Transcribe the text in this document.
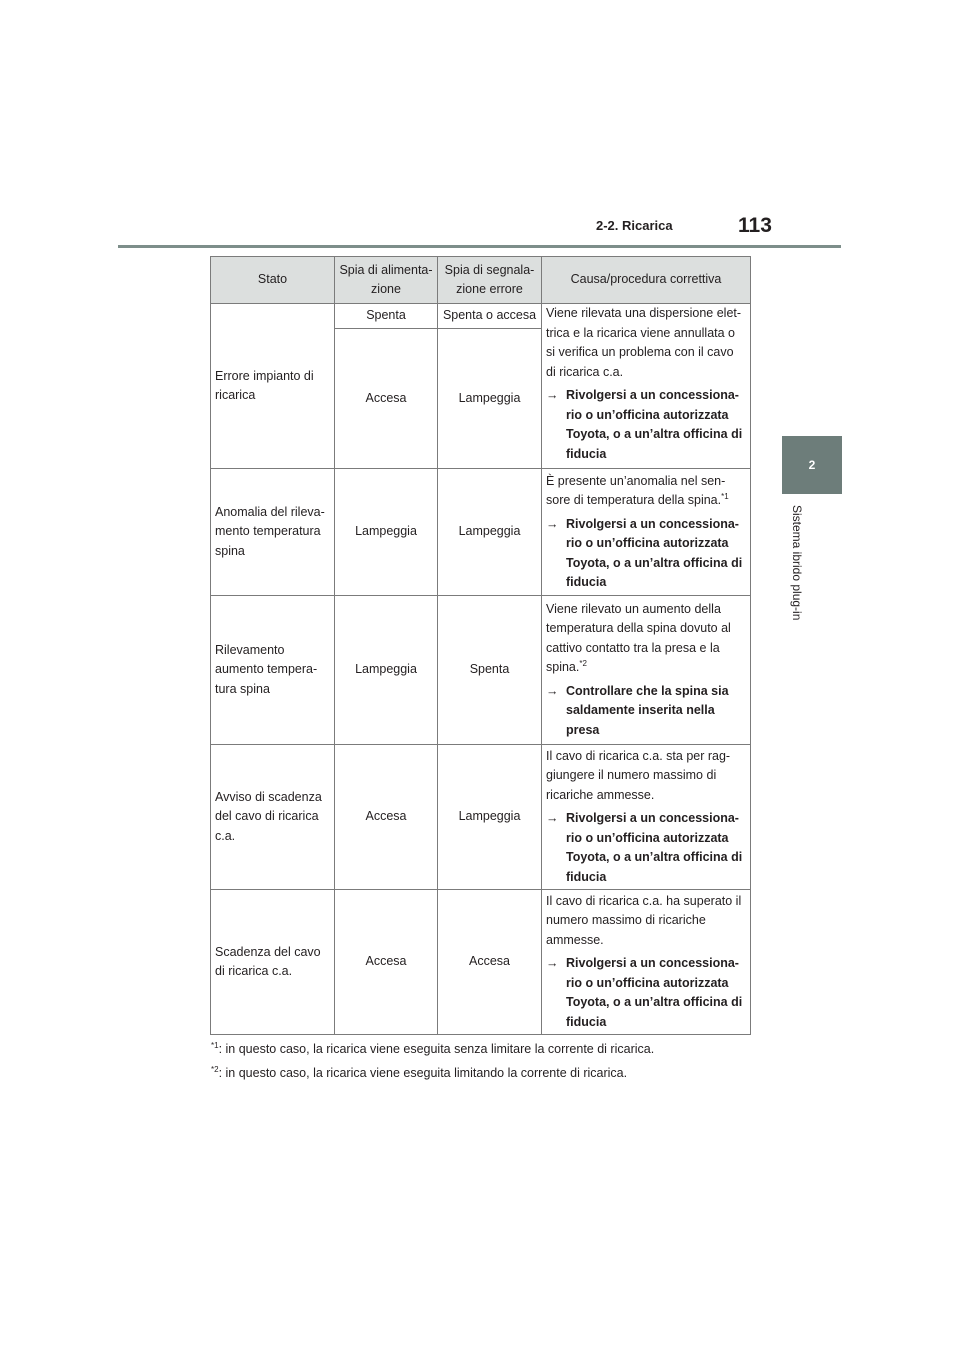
2-2. Ricarica	113
2
Sistema ibrido plug-in
Stato	Spia di alimenta-zione	Spia di segnala-zione errore	Causa/procedura correttiva
Errore impianto di ricarica	Spenta	Spenta o accesa	Viene rilevata una dispersione elet-trica e la ricarica viene annullata o si verifica un problema con il cavo di ricarica c.a.
→ Rivolgersi a un concessiona-rio o un’officina autorizzata Toyota, o a un’altra officina di fiducia

	Accesa	Lampeggia	
Anomalia del rileva-mento temperatura spina	Lampeggia	Lampeggia	È presente un’anomalia nel sen-sore di temperatura della spina.$^{*1}$
→ Rivolgersi a un concessiona-rio o un’officina autorizzata Toyota, o a un’altra officina di fiducia

Rilevamento aumento tempera-tura spina	Lampeggia	Spenta	Viene rilevato un aumento della temperatura della spina dovuto al cattivo contatto tra la presa e la spina.$^{*2}$
→ Controllare che la spina sia saldamente inserita nella presa

Avviso di scadenza del cavo di ricarica c.a.	Accesa	Lampeggia	Il cavo di ricarica c.a. sta per rag-giungere il numero massimo di ricariche ammesse.
→ Rivolgersi a un concessiona-rio o un’officina autorizzata Toyota, o a un’altra officina di fiducia

Scadenza del cavo di ricarica c.a.	Accesa	Accesa	Il cavo di ricarica c.a. ha superato il numero massimo di ricariche ammesse.
→ Rivolgersi a un concessiona-rio o un’officina autorizzata Toyota, o a un’altra officina di fiducia
$^{*1}$: in questo caso, la ricarica viene eseguita senza limitare la corrente di ricarica.
$^{*2}$: in questo caso, la ricarica viene eseguita limitando la corrente di ricarica.
